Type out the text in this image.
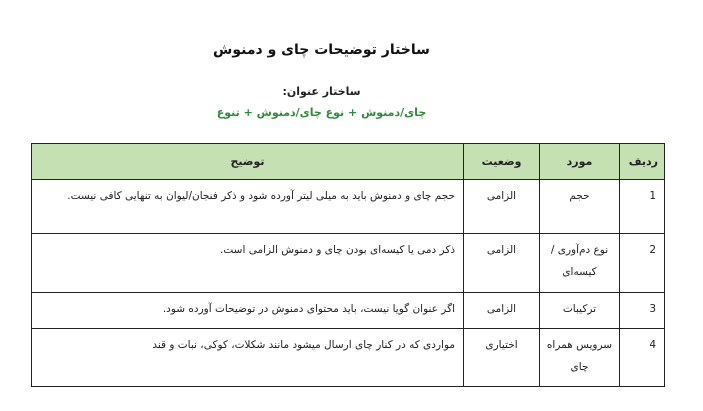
ساختار توضیحات چای و دمنوش
ساختار عنوان:
چای/دمنوش + نوع چای/دمنوش + تنوع
ردیف	مورد	وضعیت	توضیح
1	حجم	الزامی	حجم چای و دمنوش باید به میلی لیتر آورده شود و ذکر فنجان/لیوان به تنهایی کافی نیست.
2	نوع دم‌آوری / کیسه‌ای	الزامی	ذکر دمی یا کیسه‌ای بودن چای و دمنوش الزامی است.
3	ترکیبات	الزامی	اگر عنوان گویا نیست، باید محتوای دمنوش در توضیحات آورده شود.
4	سرویس همراه چای	اختیاری	مواردی که در کنار چای ارسال میشود مانند شکلات، کوکی، نبات و قند
